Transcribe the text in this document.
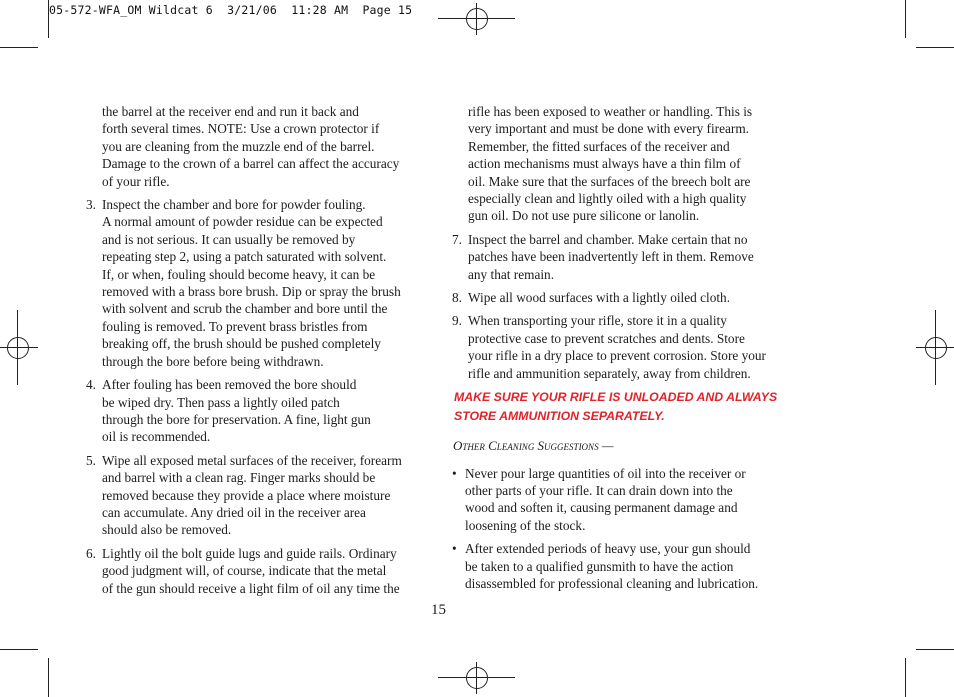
05-572-WFA_OM Wildcat 6  3/21/06  11:28 AM  Page 15
the barrel at the receiver end and run it back and
forth several times. NOTE: Use a crown protector if
you are cleaning from the muzzle end of the barrel.
Damage to the crown of a barrel can affect the accuracy
of your rifle.
3. Inspect the chamber and bore for powder fouling.
A normal amount of powder residue can be expected
and is not serious. It can usually be removed by
repeating step 2, using a patch saturated with solvent.
If, or when, fouling should become heavy, it can be
removed with a brass bore brush. Dip or spray the brush
with solvent and scrub the chamber and bore until the
fouling is removed. To prevent brass bristles from
breaking off, the brush should be pushed completely
through the bore before being withdrawn.
4. After fouling has been removed the bore should
be wiped dry. Then pass a lightly oiled patch
through the bore for preservation. A fine, light gun
oil is recommended.
5. Wipe all exposed metal surfaces of the receiver, forearm
and barrel with a clean rag. Finger marks should be
removed because they provide a place where moisture
can accumulate. Any dried oil in the receiver area
should also be removed.
6. Lightly oil the bolt guide lugs and guide rails. Ordinary
good judgment will, of course, indicate that the metal
of the gun should receive a light film of oil any time the
rifle has been exposed to weather or handling. This is
very important and must be done with every firearm.
Remember, the fitted surfaces of the receiver and
action mechanisms must always have a thin film of
oil. Make sure that the surfaces of the breech bolt are
especially clean and lightly oiled with a high quality
gun oil. Do not use pure silicone or lanolin.
7. Inspect the barrel and chamber. Make certain that no
patches have been inadvertently left in them. Remove
any that remain.
8. Wipe all wood surfaces with a lightly oiled cloth.
9. When transporting your rifle, store it in a quality
protective case to prevent scratches and dents. Store
your rifle in a dry place to prevent corrosion. Store your
rifle and ammunition separately, away from children.
MAKE SURE YOUR RIFLE IS UNLOADED AND ALWAYS
STORE AMMUNITION SEPARATELY.
Other Cleaning Suggestions —
• Never pour large quantities of oil into the receiver or
other parts of your rifle. It can drain down into the
wood and soften it, causing permanent damage and
loosening of the stock.
• After extended periods of heavy use, your gun should
be taken to a qualified gunsmith to have the action
disassembled for professional cleaning and lubrication.
15
